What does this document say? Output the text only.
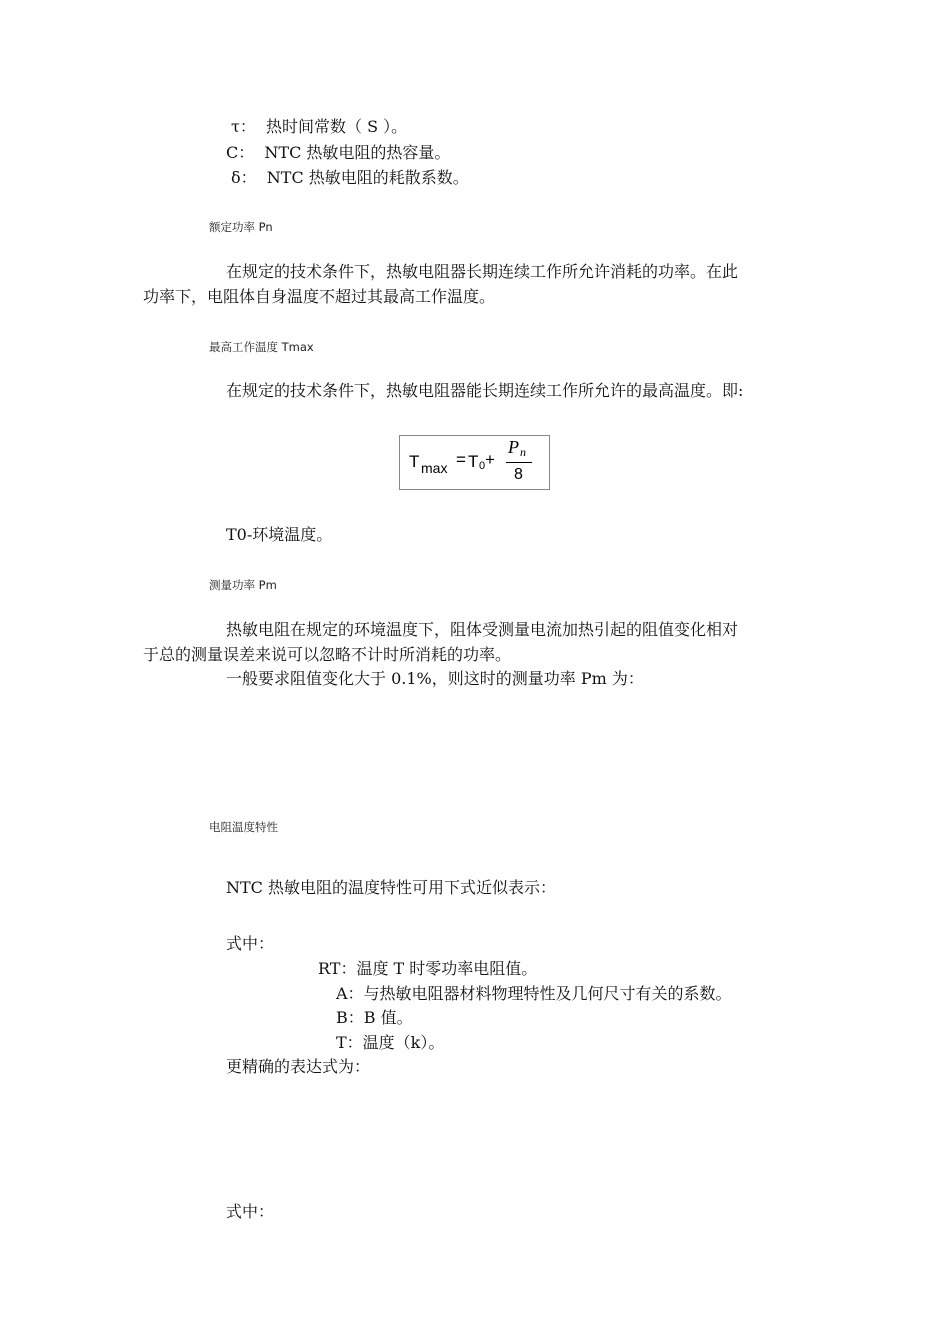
τ：  热时间常数（ S ）。
C：  NTC 热敏电阻的热容量。
δ：  NTC 热敏电阻的耗散系数。
额定功率 Pn
在规定的技术条件下，热敏电阻器长期连续工作所允许消耗的功率。在此
功率下，电阻体自身温度不超过其最高工作温度。
最高工作温度 Tmax
在规定的技术条件下，热敏电阻器能长期连续工作所允许的最高温度。即:
T max = T 0 +
P n
8
T0-环境温度。
测量功率 Pm
热敏电阻在规定的环境温度下，阻体受测量电流加热引起的阻值变化相对
于总的测量误差来说可以忽略不计时所消耗的功率。
一般要求阻值变化大于 0.1%，则这时的测量功率 Pm 为：
电阻温度特性
NTC 热敏电阻的温度特性可用下式近似表示：
式中：
RT：温度 T 时零功率电阻值。
A：与热敏电阻器材料物理特性及几何尺寸有关的系数。
B：B 值。
T：温度（k）。
更精确的表达式为：
式中：
